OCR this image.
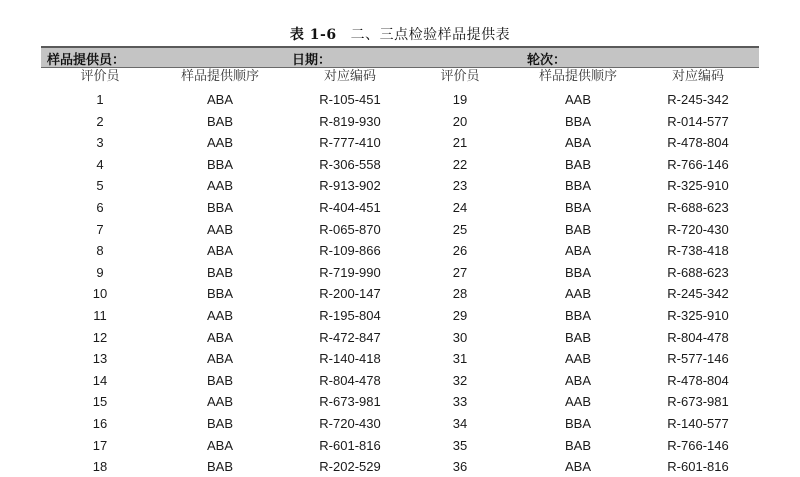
表 1-6 二、三点检验样品提供表
样品提供员：	日期：	轮次：
评价员	样品提供顺序	对应编码	评价员	样品提供顺序	对应编码
1	ABA	R-105-451	19	AAB	R-245-342
2	BAB	R-819-930	20	BBA	R-014-577
3	AAB	R-777-410	21	ABA	R-478-804
4	BBA	R-306-558	22	BAB	R-766-146
5	AAB	R-913-902	23	BBA	R-325-910
6	BBA	R-404-451	24	BBA	R-688-623
7	AAB	R-065-870	25	BAB	R-720-430
8	ABA	R-109-866	26	ABA	R-738-418
9	BAB	R-719-990	27	BBA	R-688-623
10	BBA	R-200-147	28	AAB	R-245-342
11	AAB	R-195-804	29	BBA	R-325-910
12	ABA	R-472-847	30	BAB	R-804-478
13	ABA	R-140-418	31	AAB	R-577-146
14	BAB	R-804-478	32	ABA	R-478-804
15	AAB	R-673-981	33	AAB	R-673-981
16	BAB	R-720-430	34	BBA	R-140-577
17	ABA	R-601-816	35	BAB	R-766-146
18	BAB	R-202-529	36	ABA	R-601-816
